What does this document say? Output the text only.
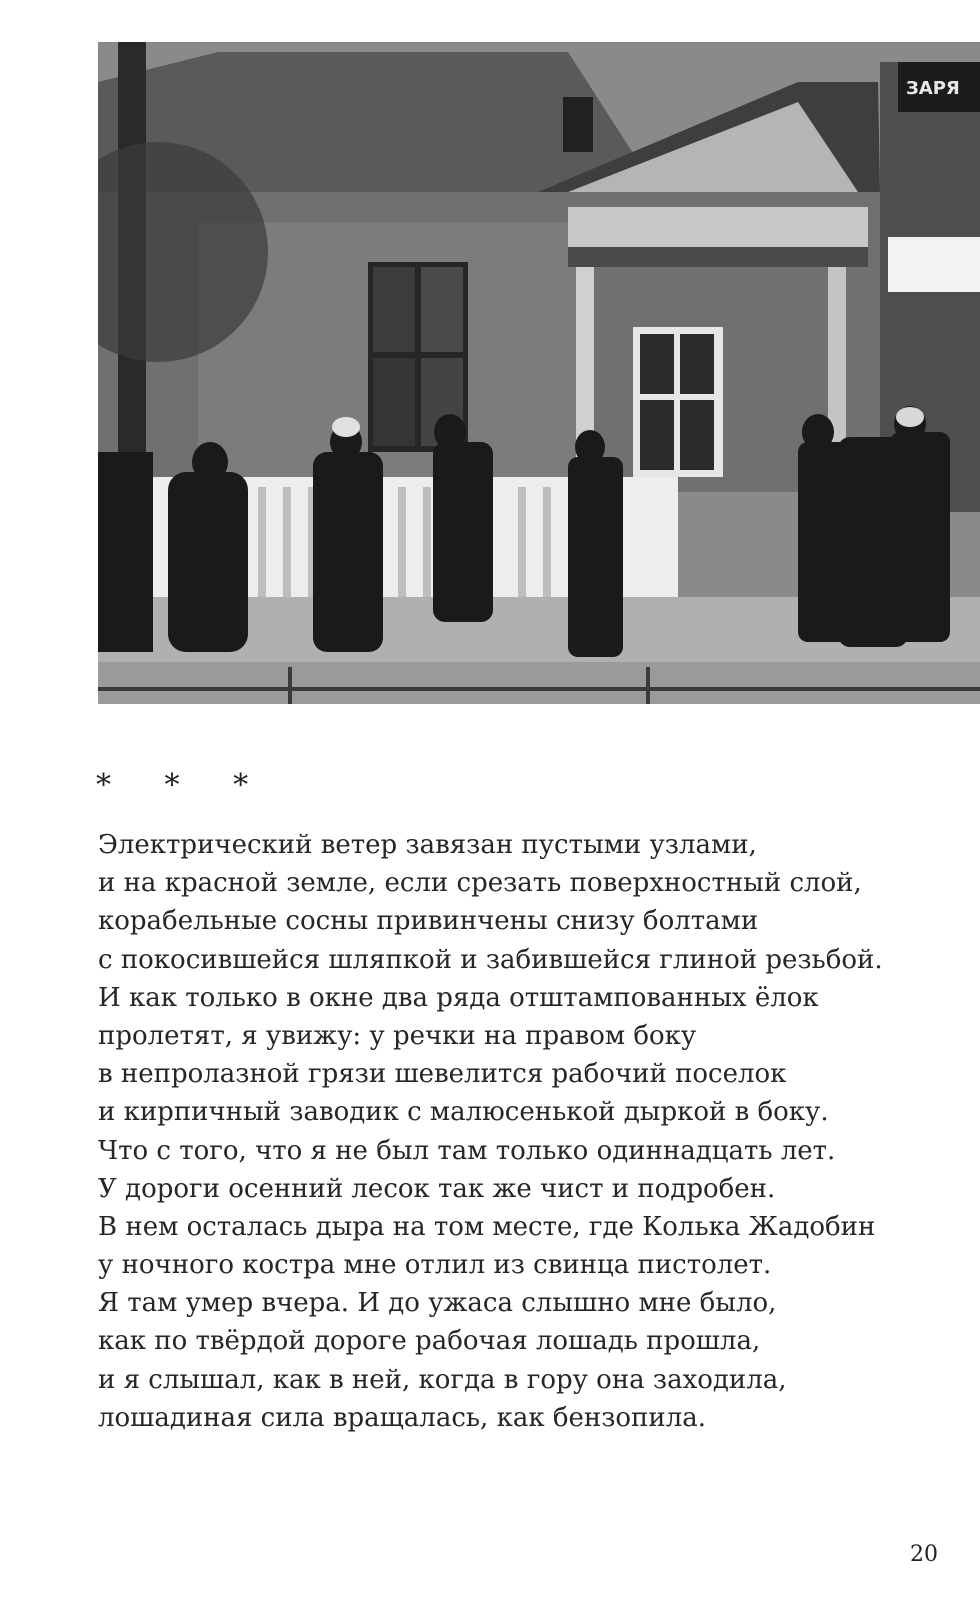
ЗАРЯ
* * *
Электрический ветер завязан пустыми узлами,
и на красной земле, если срезать поверхностный слой,
корабельные сосны привинчены снизу болтами
с покосившейся шляпкой и забившейся глиной резьбой.
И как только в окне два ряда отштампованных ёлок
пролетят, я увижу: у речки на правом боку
в непролазной грязи шевелится рабочий поселок
и кирпичный заводик с малюсенькой дыркой в боку.
Что с того, что я не был там только одиннадцать лет.
У дороги осенний лесок так же чист и подробен.
В нем осталась дыра на том месте, где Колька Жадобин
у ночного костра мне отлил из свинца пистолет.
Я там умер вчера. И до ужаса слышно мне было,
как по твёрдой дороге рабочая лошадь прошла,
и я слышал, как в ней, когда в гору она заходила,
лошадиная сила вращалась, как бензопила.
20
